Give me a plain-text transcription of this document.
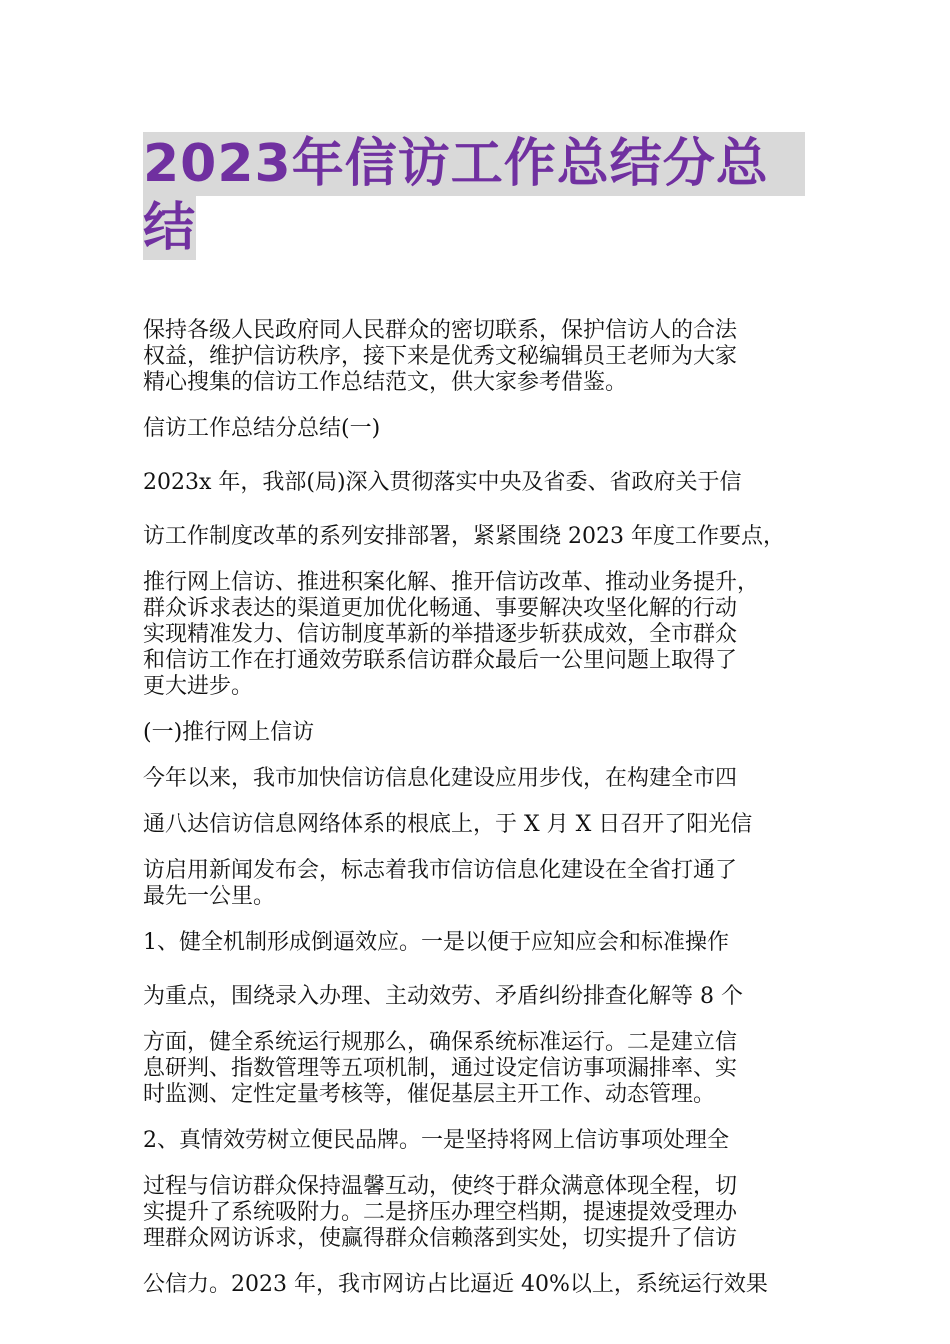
2023年信访工作总结分总
结
保持各级人民政府同人民群众的密切联系，保护信访人的合法
权益，维护信访秩序，接下来是优秀文秘编辑员王老师为大家
精心搜集的信访工作总结范文，供大家参考借鉴。
信访工作总结分总结(一)
2023x 年，我部(局)深入贯彻落实中央及省委、省政府关于信
访工作制度改革的系列安排部署，紧紧围绕 2023 年度工作要点，
推行网上信访、推进积案化解、推开信访改革、推动业务提升，
群众诉求表达的渠道更加优化畅通、事要解决攻坚化解的行动
实现精准发力、信访制度革新的举措逐步斩获成效，全市群众
和信访工作在打通效劳联系信访群众最后一公里问题上取得了
更大进步。
(一)推行网上信访
今年以来，我市加快信访信息化建设应用步伐，在构建全市四
通八达信访信息网络体系的根底上，于 X 月 X 日召开了阳光信
访启用新闻发布会，标志着我市信访信息化建设在全省打通了
最先一公里。
1、健全机制形成倒逼效应。一是以便于应知应会和标准操作
为重点，围绕录入办理、主动效劳、矛盾纠纷排查化解等 8 个
方面，健全系统运行规那么，确保系统标准运行。二是建立信
息研判、指数管理等五项机制，通过设定信访事项漏排率、实
时监测、定性定量考核等，催促基层主开工作、动态管理。
2、真情效劳树立便民品牌。一是坚持将网上信访事项处理全
过程与信访群众保持温馨互动，使终于群众满意体现全程，切
实提升了系统吸附力。二是挤压办理空档期，提速提效受理办
理群众网访诉求，使赢得群众信赖落到实处，切实提升了信访
公信力。2023 年，我市网访占比逼近 40%以上，系统运行效果
